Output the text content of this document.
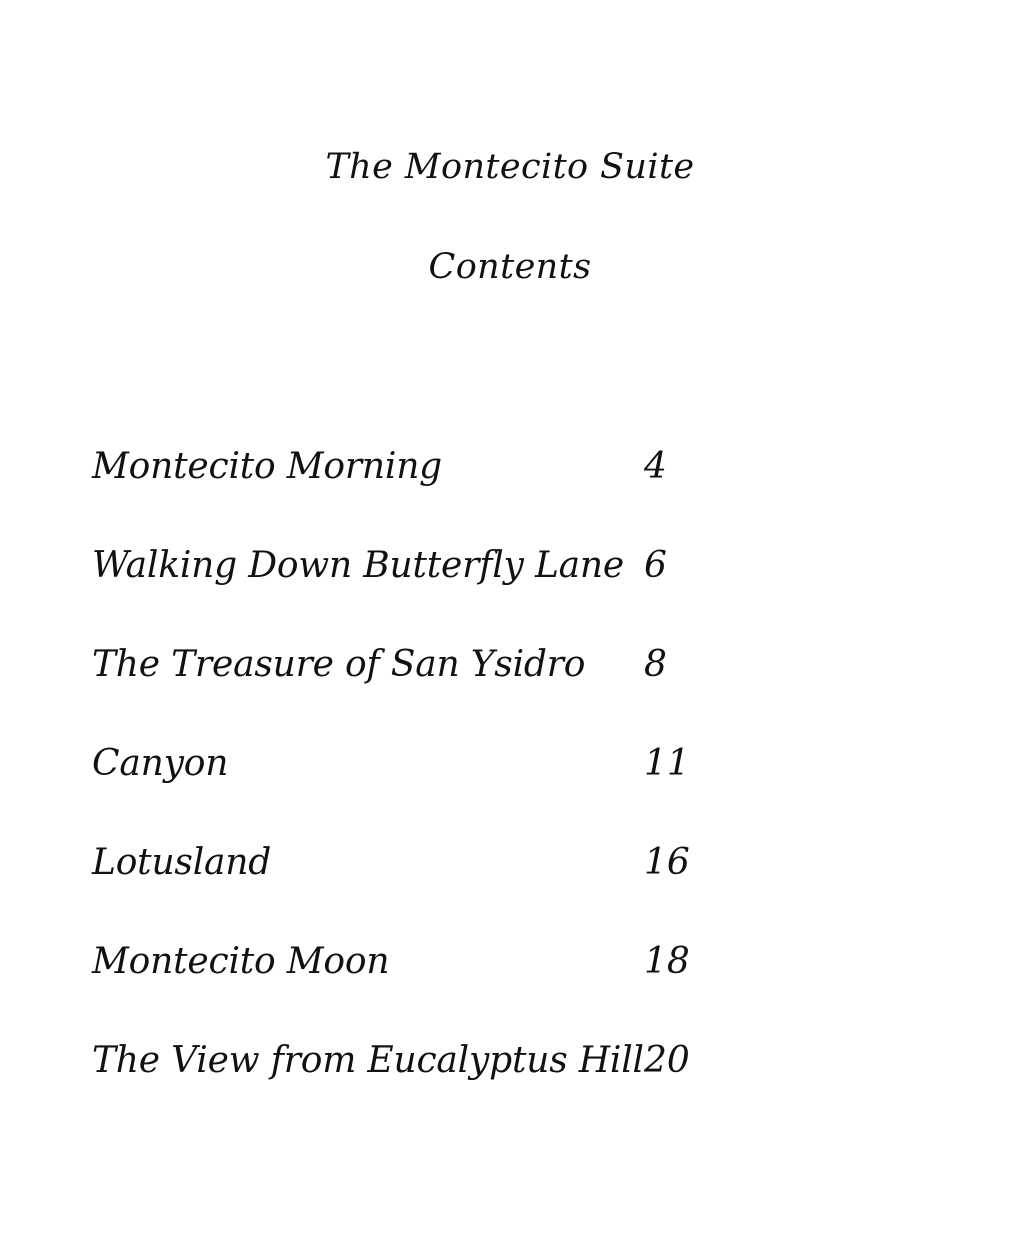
The Montecito Suite
Contents
Montecito Morning	4
Walking Down Butterfly Lane 6
The Treasure of San Ysidro 8
Canyon	11
Lotusland	16
Montecito Moon	18
The View from Eucalyptus Hill 20
